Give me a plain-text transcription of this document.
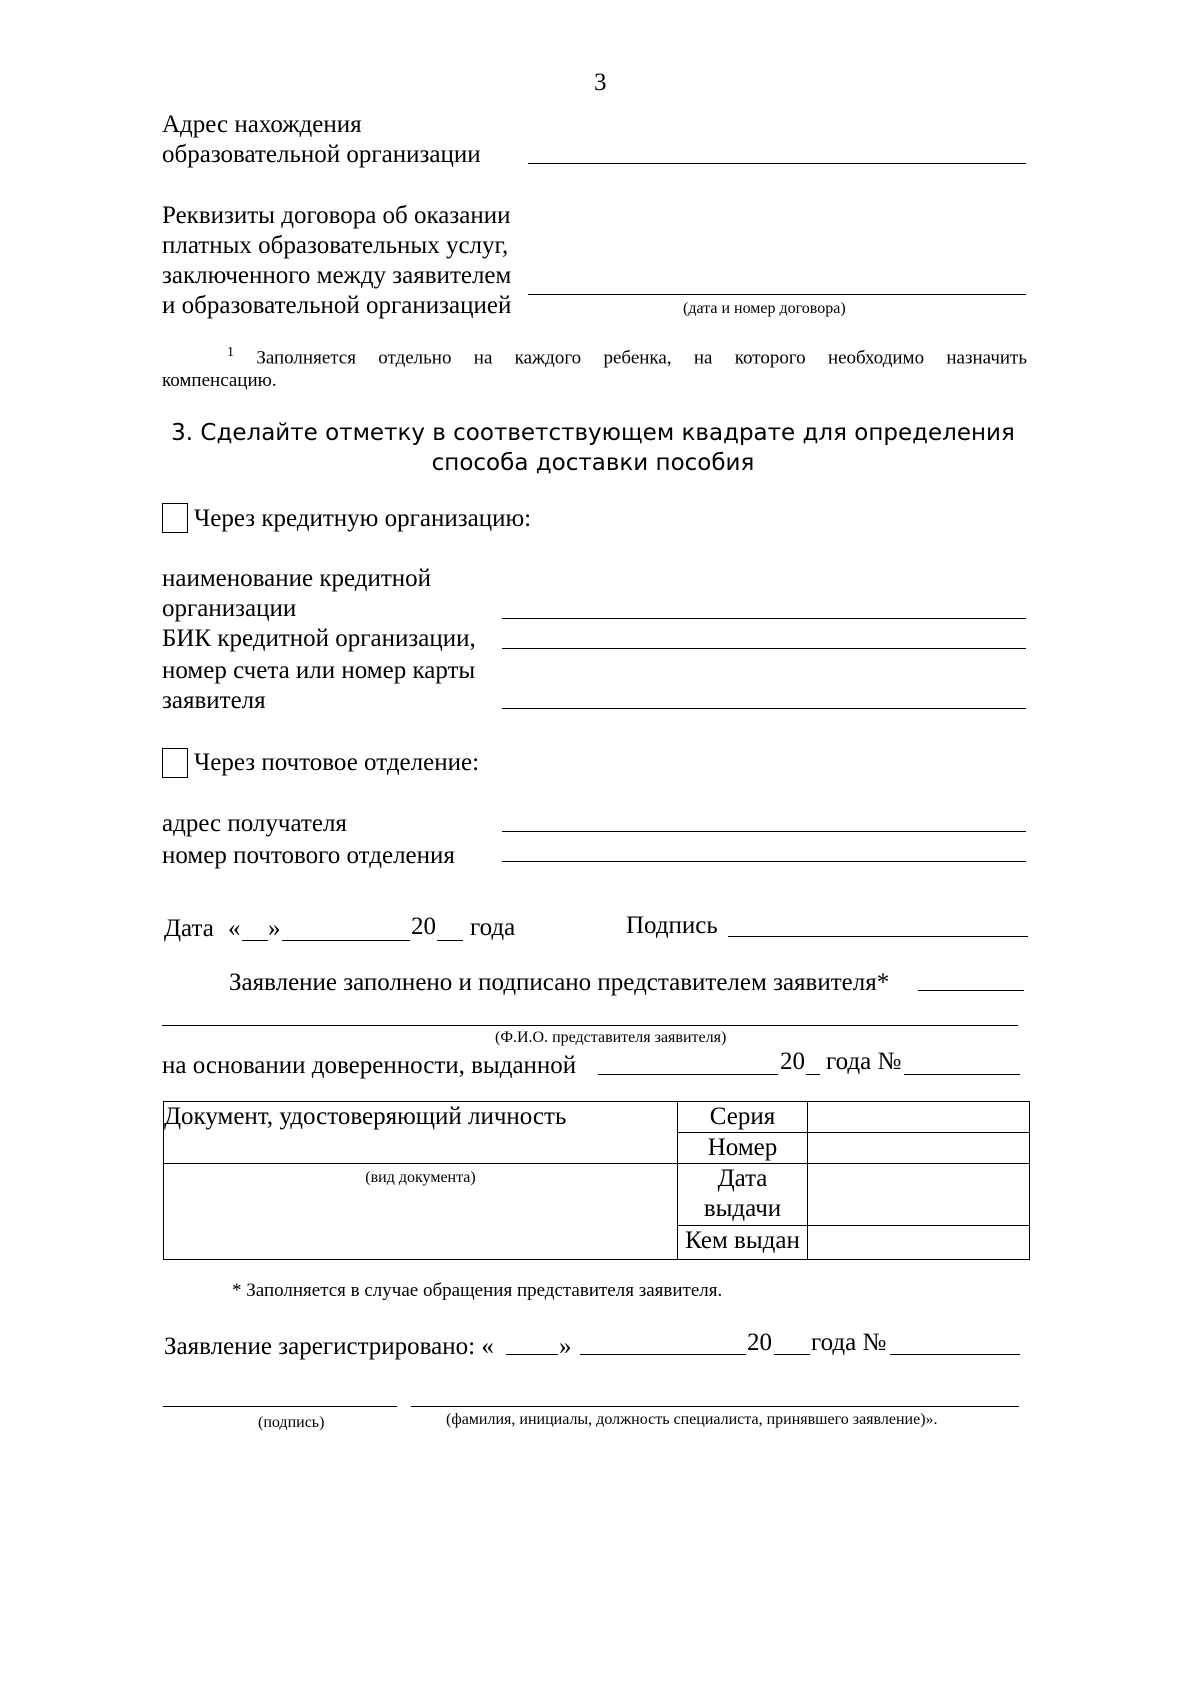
3
Адрес нахождения
образовательной организации
Реквизиты договора об оказании
платных образовательных услуг,
заключенного между заявителем
и образовательной организацией	(дата и номер договора)
$^1$ Заполняется отдельно на каждого ребенка, на которого необходимо назначить
компенсацию.
3. Сделайте отметку в соответствующем квадрате для определения
способа доставки пособия
Через кредитную организацию:
наименование кредитной
организации
БИК кредитной организации,
номер счета или номер карты
заявителя
Через почтовое отделение:
адрес получателя
номер почтового отделения
Дата « »	20 года	Подпись
Заявление заполнено и подписано представителем заявителя*
(Ф.И.О. представителя заявителя)
на основании доверенности, выданной	20 года №
Документ, удостоверяющий личность	Серия	
	Номер	

(вид документа)	Дата
выдачи	

	Кем выдан	
* Заполняется в случае обращения представителя заявителя.
Заявление зарегистрировано: «	»	20 года №
(подпись)	(фамилия, инициалы, должность специалиста, принявшего заявление)».
